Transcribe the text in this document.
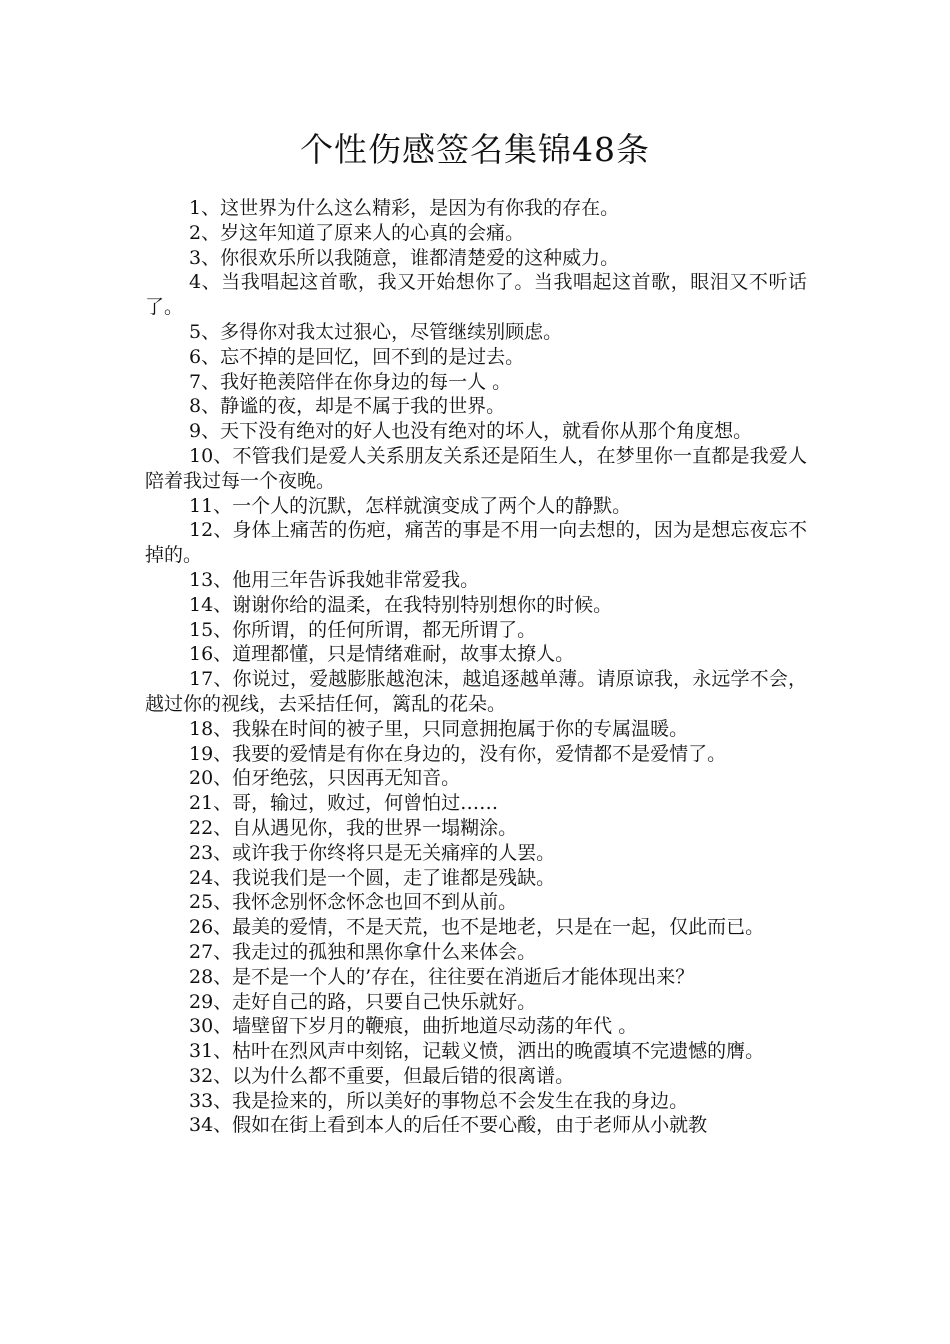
个性伤感签名集锦48条

1、这世界为什么这么精彩，是因为有你我的存在。

2、岁这年知道了原来人的心真的会痛。

3、你很欢乐所以我随意，谁都清楚爱的这种威力。

4、当我唱起这首歌，我又开始想你了。当我唱起这首歌，眼泪又不听话了。

5、多得你对我太过狠心，尽管继续别顾虑。

6、忘不掉的是回忆，回不到的是过去。

7、我好艳羡陪伴在你身边的每一人 。

8、静谧的夜，却是不属于我的世界。

9、天下没有绝对的好人也没有绝对的坏人，就看你从那个角度想。

10、不管我们是爱人关系朋友关系还是陌生人，在梦里你一直都是我爱人陪着我过每一个夜晚。

11、一个人的沉默，怎样就演变成了两个人的静默。

12、身体上痛苦的伤疤，痛苦的事是不用一向去想的，因为是想忘夜忘不掉的。

13、他用三年告诉我她非常爱我。

14、谢谢你给的温柔，在我特别特别想你的时候。

15、你所谓，的任何所谓，都无所谓了。

16、道理都懂，只是情绪难耐，故事太撩人。

17、你说过，爱越膨胀越泡沫，越追逐越单薄。请原谅我，永远学不会，越过你的视线，去采拮任何，篱乱的花朵。

18、我躲在时间的被子里，只同意拥抱属于你的专属温暖。

19、我要的爱情是有你在身边的，没有你，爱情都不是爱情了。

20、伯牙绝弦，只因再无知音。

21、哥，输过，败过，何曾怕过……

22、自从遇见你，我的世界一塌糊涂。

23、或许我于你终将只是无关痛痒的人罢。

24、我说我们是一个圆，走了谁都是残缺。

25、我怀念别怀念怀念也回不到从前。

26、最美的爱情，不是天荒，也不是地老，只是在一起，仅此而已。

27、我走过的孤独和黑你拿什么来体会。

28、是不是一个人的’存在，往往要在消逝后才能体现出来？

29、走好自己的路，只要自己快乐就好。

30、墙壁留下岁月的鞭痕，曲折地道尽动荡的年代 。

31、枯叶在烈风声中刻铭，记载义愤，洒出的晚霞填不完遗憾的膺。

32、以为什么都不重要，但最后错的很离谱。

33、我是捡来的，所以美好的事物总不会发生在我的身边。

34、假如在街上看到本人的后任不要心酸，由于老师从小就教
